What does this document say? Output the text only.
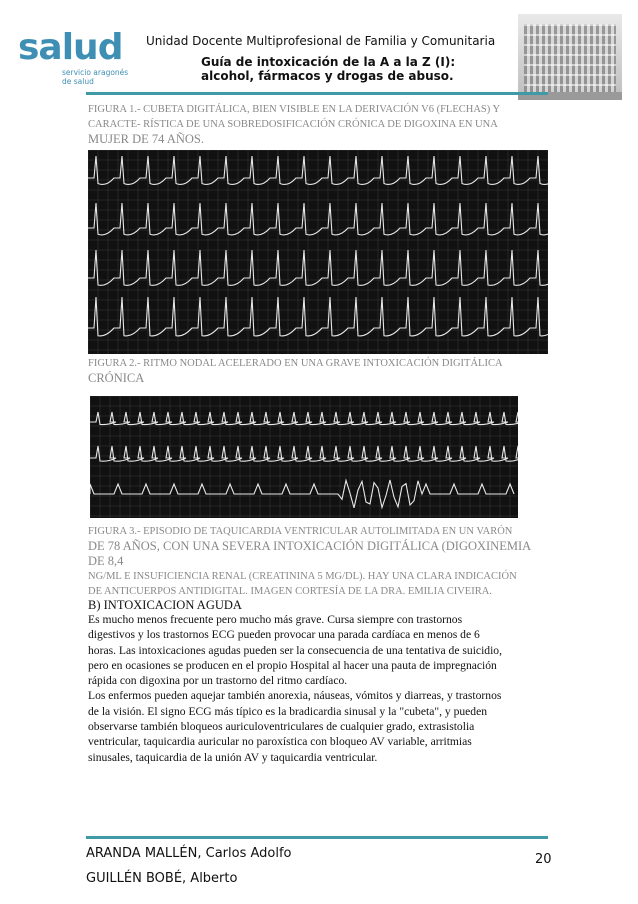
salud
servicio aragonés
de salud
Unidad Docente Multiprofesional de Familia y Comunitaria
Guía de intoxicación de la A a la Z (I):
alcohol, fármacos y drogas de abuso.
FIGURA 1.- CUBETA DIGITÁLICA, BIEN VISIBLE EN LA DERIVACIÓN V6 (FLECHAS) Y
CARACTE- RÍSTICA DE UNA SOBREDOSIFICACIÓN CRÓNICA DE DIGOXINA EN UNA
MUJER DE 74 AÑOS.
FIGURA 2.- RITMO NODAL ACELERADO EN UNA GRAVE INTOXICACIÓN DIGITÁLICA
CRÓNICA
FIGURA 3.- EPISODIO DE TAQUICARDIA VENTRICULAR AUTOLIMITADA EN UN VARÓN
DE 78 AÑOS, CON UNA SEVERA INTOXICACIÓN DIGITÁLICA (DIGOXINEMIA DE 8,4
NG/ML E INSUFICIENCIA RENAL (CREATININA 5 MG/DL). HAY UNA CLARA INDICACIÓN
DE ANTICUERPOS ANTIDIGITAL. IMAGEN CORTESÍA DE LA DRA. EMILIA CIVEIRA.
B) INTOXICACION AGUDA

Es mucho menos frecuente pero mucho más grave. Cursa siempre con trastornos

digestivos y los trastornos ECG pueden provocar una parada cardíaca en menos de 6

horas. Las intoxicaciones agudas pueden ser la consecuencia de una tentativa de suicidio,

pero en ocasiones se producen en el propio Hospital al hacer una pauta de impregnación

rápida con digoxina por un trastorno del ritmo cardíaco.

Los enfermos pueden aquejar también anorexia, náuseas, vómitos y diarreas, y trastornos

de la visión. El signo ECG más típico es la bradicardia sinusal y la "cubeta", y pueden

observarse también bloqueos auriculoventriculares de cualquier grado, extrasistolia

ventricular, taquicardia auricular no paroxística con bloqueo AV variable, arritmias

sinusales, taquicardia de la unión AV y taquicardia ventricular.

ARANDA MALLÉN, Carlos Adolfo
GUILLÉN BOBÉ, Alberto
20
